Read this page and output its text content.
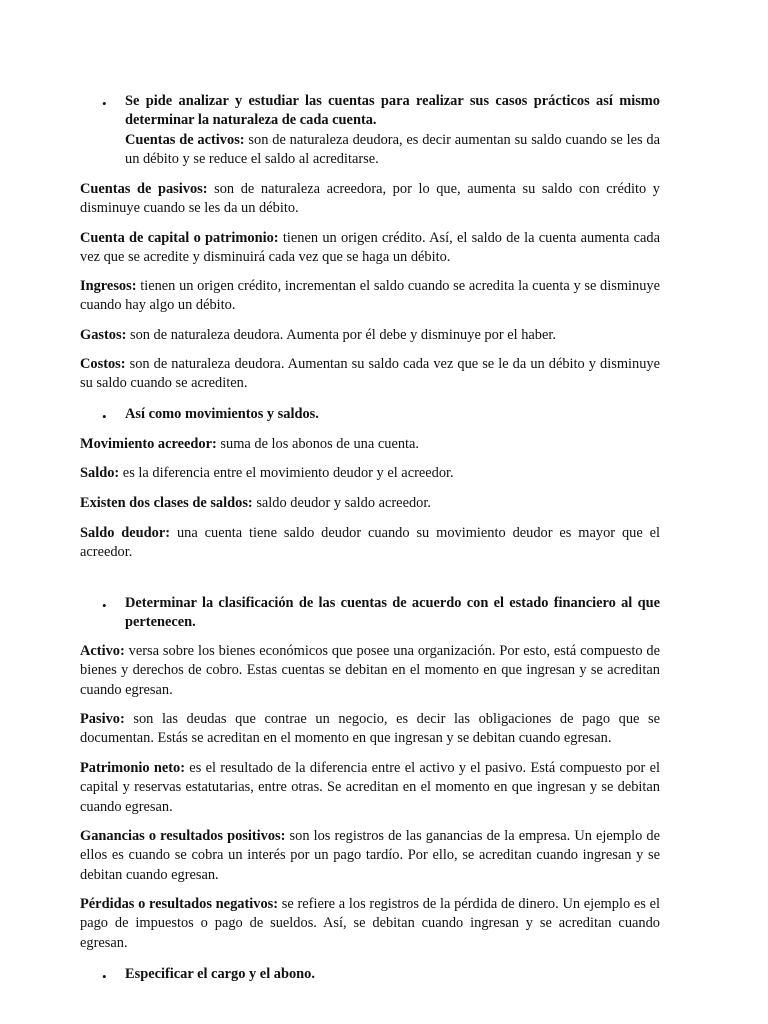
• Se pide analizar y estudiar las cuentas para realizar sus casos prácticos así mismo determinar la naturaleza de cada cuenta.

Cuentas de activos: son de naturaleza deudora, es decir aumentan su saldo cuando se les da un débito y se reduce el saldo al acreditarse.

Cuentas de pasivos: son de naturaleza acreedora, por lo que, aumenta su saldo con crédito y disminuye cuando se les da un débito.

Cuenta de capital o patrimonio: tienen un origen crédito. Así, el saldo de la cuenta aumenta cada vez que se acredite y disminuirá cada vez que se haga un débito.

Ingresos: tienen un origen crédito, incrementan el saldo cuando se acredita la cuenta y se disminuye cuando hay algo un débito.

Gastos: son de naturaleza deudora. Aumenta por él debe y disminuye por el haber.

Costos: son de naturaleza deudora. Aumentan su saldo cada vez que se le da un débito y disminuye su saldo cuando se acrediten.

• Así como movimientos y saldos.

Movimiento acreedor: suma de los abonos de una cuenta.

Saldo: es la diferencia entre el movimiento deudor y el acreedor.

Existen dos clases de saldos: saldo deudor y saldo acreedor.

Saldo deudor: una cuenta tiene saldo deudor cuando su movimiento deudor es mayor que el acreedor.

• Determinar la clasificación de las cuentas de acuerdo con el estado financiero al que pertenecen.

Activo: versa sobre los bienes económicos que posee una organización. Por esto, está compuesto de bienes y derechos de cobro. Estas cuentas se debitan en el momento en que ingresan y se acreditan cuando egresan.

Pasivo: son las deudas que contrae un negocio, es decir las obligaciones de pago que se documentan. Estás se acreditan en el momento en que ingresan y se debitan cuando egresan.

Patrimonio neto: es el resultado de la diferencia entre el activo y el pasivo. Está compuesto por el capital y reservas estatutarias, entre otras. Se acreditan en el momento en que ingresan y se debitan cuando egresan.

Ganancias o resultados positivos: son los registros de las ganancias de la empresa. Un ejemplo de ellos es cuando se cobra un interés por un pago tardío. Por ello, se acreditan cuando ingresan y se debitan cuando egresan.

Pérdidas o resultados negativos: se refiere a los registros de la pérdida de dinero. Un ejemplo es el pago de impuestos o pago de sueldos. Así, se debitan cuando ingresan y se acreditan cuando egresan.

• Especificar el cargo y el abono.
